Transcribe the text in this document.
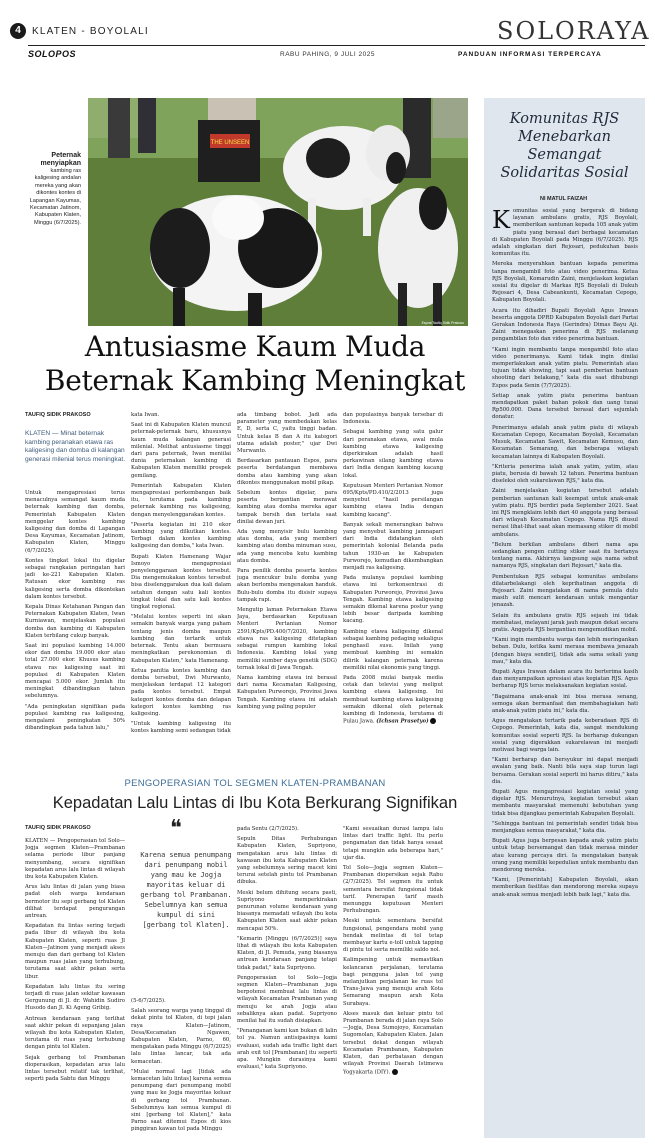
4	KLATEN - BOYOLALI	SOLORAYA
SOLOPOS	RABU PAHING, 9 JULI 2025	PANDUAN INFORMASI TERPERCAYA
THE UNSEEN
Espos/Taufiq Sidik Prakoso
Peternak menyiapkan
kambing ras kaligesing andalan mereka yang akan dikontes kontes di Lapangan Kayumas, Kecamatan Jatinom, Kabupaten Klaten, Minggu (6/7/2025).
Antusiasme Kaum Muda
Beternak Kambing Meningkat
TAUFIQ SIDIK PRAKOSO
KLATEN — Minat beternak kambing peranakan etawa ras kaligesing dan domba di kalangan generasi milenial terus meningkat.

Untuk mengapresiasi terus menaculnya semangat kaum muda beternak kambing dan domba, Pemerintah Kabupaten Klaten menggelar kontes kambing kaligesing dan domba di Lapangan Desa Kayumas, Kecamatan Jatinom, Kabupaten Klaten, Minggu (6/7/2025).

Kontes tingkat lokal itu digelar sebagai rangkaian peringatan hari jadi ke-221 Kabupaten Klaten. Ratusan ekor kambing ras kaligesing serta domba dikontekan dalam kontes tersebut.

Kepala Dinas Ketahanan Pangan dan Peternakan Kabupaten Klaten, Iwan Kurniawan, menjelaskan populasi domba dan kambing di Kabupaten Klaten terbilang cukup banyak.

Saat ini populasi kambing 14.000 ekor dan domba 19.000 ekor atau total 27.000 ekor. Khusus kambing etawa ras kaligesing saat ini populasi di Kabupaten Klaten mencapai 5.000 ekor. Jumlah itu meningkat dibandingkan tahun sebelumnya.

"Ada peningkatan signifikan pada populasi kambing ras kaligesing, mengalami peningkatan 50% dibandingkan pada tahun lalu,"

kata Iwan.

Saat ini di Kabupaten Klaten muncul peternak-peternak baru, khususnya kaum muda kalangan generasi milenial. Melihat antusiasme tinggi dari para peternak, Iwan meniilai dunia peternakan kambing di Kabupaten Klaten memiliki prospek gemilang.

Pemerintah Kabupaten Klaten mengapresiasi perkembangan baik itu, terutama pada kambing peternak kambing ras kaligesing, dengan menyelenggarakan kontes.

"Peserta kegiatan ini 210 ekor kambing yang dilkutkan kontes. Terbagi dalam kontes kambing kaligesing dan domba," kata Iwan.

Bupati Klaten Hamenang Wajar Ismoyo mengapresiasi penyelenggaraan kontes tersebut. Dia mengemukakan kontes tersebut bisa diselenggarakan dua kali dalam setahun dengan satu kali kontes tingkat lokal dan satu kali kontes tingkat regional.

"Melalui kontes seperti ini akan semakin banyak warga yang paham tentang jenis domba maupun kambing dan tertarik untuk beternak. Tentu akan bermuara meningkatkan perekonomian di Kabupaten Klaten," kata Hamenang.

Ketua panitia kontes kambing dan domba tersebut, Dwi Murwanto, menjelaskan terdapat 12 kategori pada kontes tersebut. Empat kategori kontes domba dan delapan kategori kontes kambing ras kaligesing.

"Untuk kambing kaligesing itu kontes kambing semi sedangan tidak

ada timbang bobot. Jadi ada parameter yang membedakan kelas E, D, serta C, yaitu tinggi badan. Untuk kelas B dan A itu kategori utama adalah poster," ujar Dwi Murwanto.

Berdasarkan pantauan Espos, para peserta berdatangan membawa domba atau kambing yang akan dikontes menggunakan mobil pikap.

Sebelum kontes digelar, para peserta bergantian merawat kambing atau domba mereka agar tampak bersih dan tertata saat dinilai dewan juri.

Ada yang menyisir bulu kambing atau domba, ada yang memberi kambing atau domba minuman susu, ada yang mencoba kutu kambing atau domba.

Para penilik domba peserta kontes juga mencukur bulu domba yang akan berlomba mengenakan handuk. Bulu-bulu domba itu disisir supaya tampak rapi.

Mengutip laman Peternakan Etawa Jaya, berdasarkan Keputusan Menteri Pertanian Nomor 2591/Kpts/PD.400/7/2020, kambing etawa ras kaligesing ditetapkan sebagai rumpun kambing lokal Indonesia. Kambing lokal yang memiliki sumber daya genetik (SDG) ternak lokal di Jawa Tengah.

Nama kambing etawa ini berasal dari nama Kecamatan Kaligesing, Kabupaten Purworejo, Provinsi Jawa Tengah. Kambing etawa ini adalah kambing yang paling populer

dan populasinya banyak tersebar di Indonesia.

Sebagai kambing yang satu galur dari peranakan etawa, awal mula kambing etawa kaligesing diperkirakan adalah hasil perkawinan silang kambing etawa dari India dengan kambing kacang lokal.

Keputusan Menteri Pertanian Nomor 695/Kpts/PD.410/2/2013 juga menyebut "hasil persilangan kambing etawa India dengan kambing kacang".

Banyak sekali menerangkan bahwa yang menyebut kambing jamnapari dari India didatangkan oleh pemerintah kolonial Belanda pada tahun 1930-an ke Kabupaten Purworejo, kemudian dikembangkan menjadi ras kaligesing.

Pada mulanya populasi kambing etawa ini terkonsentrasi di Kabupaten Purworejo, Provinsi Jawa Tengah. Kambing etawa kaligesing semakin dikenal karena postur yang lebih besar daripada kambing kacang.

Kambing etawa kaligesing dikenal sebagai kambing pedaging sekaligus penghasil susu. Inilah yang membuat kambing ini semakin dilirik kalangan peternak karena memiliki nilai ekonomis yang tinggi.

Pada 2008 mulai banyak media cetak dan televisi yang meliput kambing etawa kaligesing. Ini membuat kambing etawa kaligesing semakin dikenal oleh peternak kambing di Indonesia, terutama di Pulau Jawa. (Ichsan Prasetyo)

PENGOPERASIAN TOL SEGMEN KLATEN-PRAMBANAN
Kepadatan Lalu Lintas di Ibu Kota Berkurang Signifikan
TAUFIQ SIDIK PRAKOSO

KLATEN — Pengoperasian tol Solo—Jogja segmen Klaten—Prambanan selama periode libur panjang menyumbang, secara signifikan kepadatan arus lalu lintas di wilayah ibu kota Kabupaten Klaten.

Arus lalu lintas di jalan yang biasa padat oleh warga kendaraan bermotor itu sepi gerbang tol Klaten dilihat terdapat pengurangan antrean.

Kepadatan itu lintas sering terjadi pada libur di wilayah ibu kota Kabupaten Klaten, seperti ruas Jl Klaten—Jatinom yang menjadi akses menuju dan dari gerbang tol Klaten maupun ruas jalan yang terhubung, terutama saat akhir pekan serta libur.

Kepadatan lalu lintas itu sering terjadi di ruas jalan sekitar kawasan Gergunung di Jl. dr. Wahidin Sudiro Husodo dan Jl. Ki Ageng Gribig.

Antrean kendaraan yang terlihat saat akhir pekan di sepanjang jalan wilayah ibu kota Kabupaten Klaten, terutama di ruas yang terhubung dengan pintu tol Klaten.

Sejak gerbang tol Prambanan dioperasikan, kepadatan arus lalu lintas tersebut relatif tak terlihat, seperti pada Sabtu dan Minggu

❝
Karena semua penumpang dari penumpang mobil yang mau ke Jogja mayoritas keluar di gerbang tol Prambanan. Sebelumnya kan semua kumpul di sini [gerbang tol Klaten].

(5-6/7/2025).

Salah seorang warga yang tinggal di dekat pintu tol Klaten, di tepi jalan raya Klaten—Jatinom, Desa/Kecamatan Ngawen, Kabupaten Klaten, Parno, 60, mengatakan pada Minggu (6/7/2025) lalu lintas lancar, tak ada kemacetan.

"Mulai normal lagi [tidak ada kemacetan lalu lintas] karena semua penumpang dari penumpang mobil yang mau ke Jogja mayoritas keluar di gerbang tol Prambanan. Sebelumnya kan semua kumpul di sini [gerbang tol Klaten]," kata Parno saat ditemui Espos di kios pinggiran kawan tol pada Minggu

pada Sentu (2/7/2025).

Sepuln Ditas Perhubungan Kabupaten Klaten, Supriyono, mengatakan arus lalu lintas di kawasan ibu kota Kabupaten Klaten yang sebelumnya sering macet kini terurai setelah pintu tol Prambanan dibuka.

Meski belum dihitung secara pasti, Supriyono memperkirakan penurunan volume kendaraan yang biasanya memadati wilayah ibu kota Kabupaten Klaten saat akhir pekan mencapai 50%.

"Kemarin [Minggu (6/7/2025)] saya lihat di wilayah ibu kota Kabupaten Klaten, di Jl. Pemuda, yang biasanya antrean kendaraan panjang tetapi tidak padat," kata Supriyono.

Pengoperasian tol Solo—Jogja segmen Klaten—Prambanan juga berpotensi membuat lalu lintas di wilayah Kecamatan Prambanan yang menuju ke arah Jogja atau sebaliknya akan padat. Supriyono menilai hal itu sudah disiapkan.

"Penanganan kami kan bukan di lalin tol ya. Namun antisipasinya kami evaluasi, sudah ada traffic light dari arah exit tol [Prambanan] itu seperti apa. Mungkin durasinya kami evaluasi," kata Supriyono.

"Kami sesuaikan durasi lampu lalu lintas dari traffic light. Itu perlu pengamatan dan tidak hanya sesaat tetapi mungkin ada beberapa hari," ujar dia.

Tol Solo—Jogja segmen Klaten—Prambanan diopersikan sejak Rabu (2/7/2025). Tol segmen itu untuk sementara bersifat fungsional tidak tarif. Penerapan tarif masih menunggu keputusan Menteri Perhubungan.

Meski untuk sementara bersifat fungsional, pengendara mobil yang hendak melintas di tol tetap membayar kartu e-toll untuk tapping di pintu tol serta memiliki saldo nol.

Kalimpening untuk memastikan kelancaran perjalanan, terutama bagi pengguna jalan tol yang melanjutkan perjalanan ke ruas tol Trans-Jawa yang menuju arah Kota Semarang maupun arah Kota Surabaya.

Akses masuk dan keluar pintu tol Prambanan berada di jalan raya Solo—Jogja, Desa Sumojoyo, Kecamatan Sugomolan, Kabupaten Klaten. Jalan tersebut dekat dengan wilayah Kecamatan Prambanan, Kabupaten Klaten, dan perbatasan dengan wilayah Provinsi Daerah Istimewa Yogyakarta (DIY).

Komunitas RJS
Menebarkan
Semangat
Solidaritas Sosial
NI MATUL FAIZAH

Komunitas sosial yang bergerak di bidang layanan ambulans gratis, RJS Boyolali, memberikan santunan kepada 105 anak yatim piatu yang berasal dari berbagai kecamatan di Kabupaten Boyolali pada Minggu (6/7/2025). RJS adalah singkatan dari Rejosari, pedukuhan basis komunitas itu.

Mereka menyerahkan bantuan kepada penerima tanpa mengambil foto atau video penerima. Ketua RJS Boyolali, Komarudin Zaini, menjelaskan kegiatan sosial itu digelar di Markas RJS Boyolali di Dukuh Rejosari 4, Desa Cabeankunti, Kecamatan Cepogo, Kabupaten Boyolali.

Acara itu dihadiri Bupati Boyolali Agus Irawan beserta anggota DPRD Kabupaten Boyolali dari Partai Gerakan Indonesia Raya (Gerindra) Dimas Bayu Aji. Zaini menegaskan penerima di RJS melarang pengambilan foto dan video penerima bantuan.

"Kami ingin membantu tanpa mengambil foto atau video penerimanya. Kami tidak ingin dinilai memperlakukan anak yatim piatu. Pemerintah atau tujuan tidak showing, tapi saat pemberian bantuan shooting dari belakang," kata dia saat dihubungi Espos pada Senin (7/7/2025).

Setiap anak yatim piatu penerima bantuan mendapatkan paket bahan pokok dan uang tunai Rp500.000. Dana tersebut berasal dari sejumlah donatur.

Penerimanya adalah anak yatim piatu di wilayah Kecamatan Cepogo, Kecamatan Boyolali, Kecamatan Musuk, Kecamatan Sawit, Kecamatan Kemusu, dan Kecamatan Semarang, dan beberapa wilayah kecamatan lainnya di Kabupaten Boyolali.

"Kriteria penerima ialah anak yatim, yatim, atau piatu, berusia di bawah 12 tahun. Penerima bantuan diseleksi oleh sukarelawan RJS," kata dia.

Zaini menjelaskan kegiatan tersebut adalah pemberian santunan kali keempat untuk anak-anak yatim piatu. RJS berdiri pada September 2021. Saat ini RJS mengklaim lebih dari 40 anggota yang berasal dari wilayah Kecamatan Cepogo. Nama RJS diusul nerasi lihat-lihat saat akan memasang stiker di mobil ambulans.

"Belum berkilan ambulans diberi nama apa sedangkan pengen cutting stiker saat itu bertanya tentang nama. Akhirnya langsung saja nama sebut namanya RJS, singkatan dari Rejosari," kata dia.

Pembentukan RJS sebagai komunitas ambulans dilatarbelakangi oleh keprihatinan anggota di Rejosari. Zaini mengatakan di nama pemula dulu masih sulit mencari kendaraan untuk mengantar jenazah.

Selain itu ambulans gratis RJS sejauh ini tidak membatasi, melayani jarak jauh maupun dekat secara gratis. Anggota RJS bergantian mengemudikan mobil.

"Kami ingin membantu warga dan lebih meringankan beban. Dulu, ketika kami merasa membawa jenazah [dengan biaya sendiri], tidak ada sama sekali yang mau," kata dia.

Bupati Agus Irawan dalam acara itu berterima kasih dan menyampaikan apresiasi atas kegiatan RJS. Agus berharap RJS terus melaksanakan kegiatan sosial.

"Bagaimana anak-anak ini bisa merasa senang, semoga akan bermanfaat dan membahagiakan hati anak-anak yatim piatu ini," kata dia.

Agus mengatakan tertarik pada keberadaan RJS di Cepogo. Pemerintah, kata dia, sangat mendukung komunitas sosial seperti RJS. Ia berharap dukungan sosial yang digerakkan sukarelawan ini menjadi motivasi bagi warga lain.

"Kami berharap dan bersyukur ini dapat menjadi awalan yang baik. Nanti bila saya siap turun lagi bersama. Gerakan sosial seperti ini harus ditiru," kata dia.

Bupati Agus mengapresiasi kegiatan sosial yang digelar RJS. Menurutnya, kegiatan tersebut akan membantu masyarakat memenuhi kebutuhan yang tidak bisa dijangkau pemerintah Kabupaten Boyolali.

"Sehingga bantuan ini pemerintah sendiri tidak bisa menjangkau semua masyarakat," kata dia.

Bupati Agus juga berpesan kepada anak yatim piatu untuk tetap bersemangat dan tidak merasa minder atau kurang percaya diri. Ia mengatakan banyak orang yang memiliki kepedulian untuk membantu dan mendorong mereka.

"Kami, [Pemerintah] Kabupaten Boyolali, akan memberikan fasilitas dan mendorong mereka supaya anak-anak semua menjadi lebih baik lagi," kata dia.
